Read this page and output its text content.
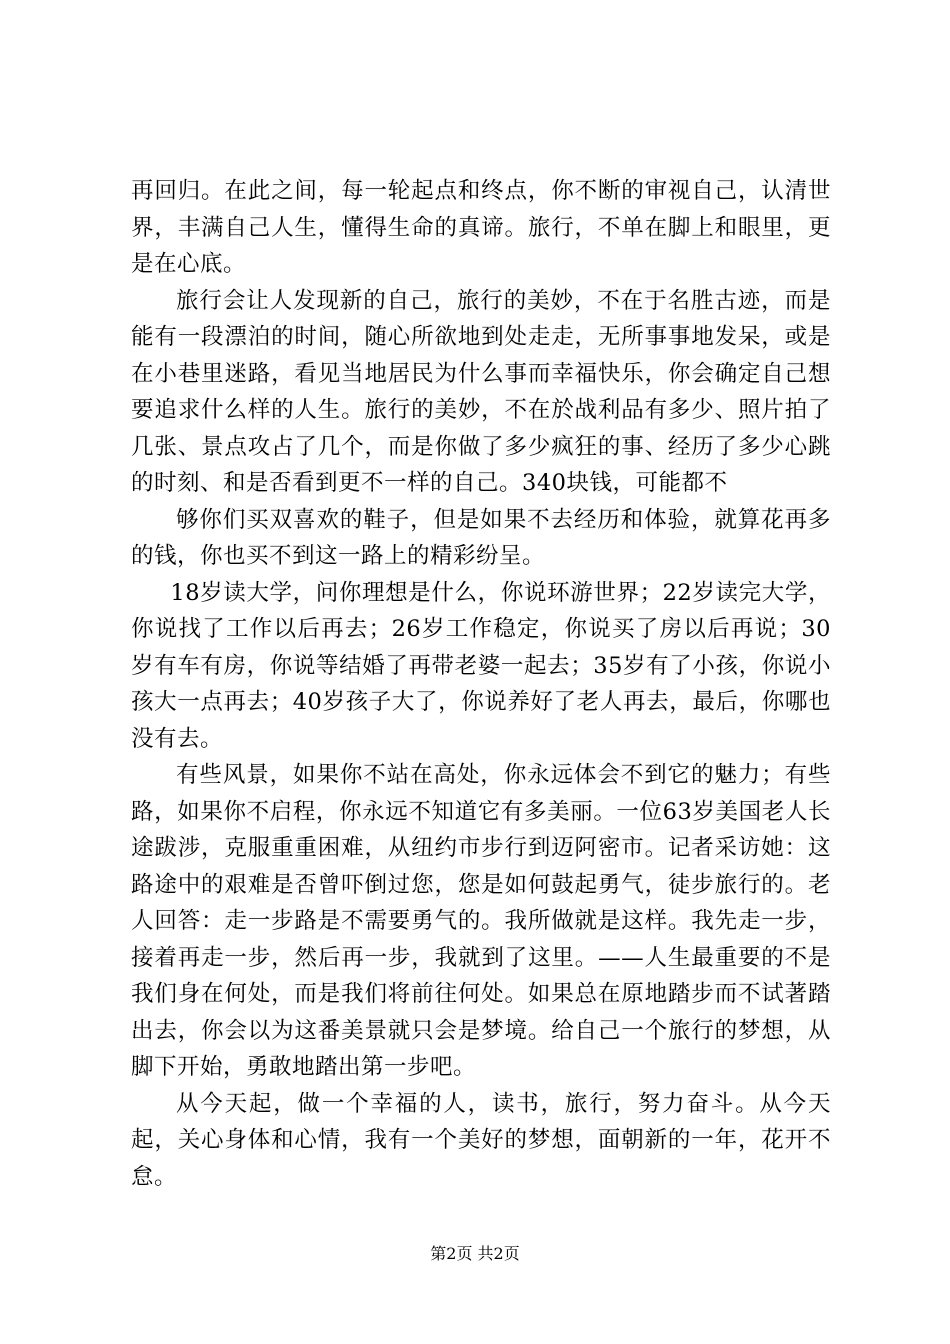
再回归。在此之间，每一轮起点和终点，你不断的审视自己，认清世界，丰满自己人生，懂得生命的真谛。旅行，不单在脚上和眼里，更是在心底。

旅行会让人发现新的自己，旅行的美妙，不在于名胜古迹，而是能有一段漂泊的时间，随心所欲地到处走走，无所事事地发呆，或是在小巷里迷路，看见当地居民为什么事而幸福快乐，你会确定自己想要追求什么样的人生。旅行的美妙，不在於战利品有多少、照片拍了几张、景点攻占了几个，而是你做了多少疯狂的事、经历了多少心跳的时刻、和是否看到更不一样的自己。340块钱，可能都不

够你们买双喜欢的鞋子，但是如果不去经历和体验，就算花再多的钱，你也买不到这一路上的精彩纷呈。

18岁读大学，问你理想是什么，你说环游世界；22岁读完大学，你说找了工作以后再去；26岁工作稳定，你说买了房以后再说；30岁有车有房，你说等结婚了再带老婆一起去；35岁有了小孩，你说小孩大一点再去；40岁孩子大了，你说养好了老人再去，最后，你哪也没有去。

有些风景，如果你不站在高处，你永远体会不到它的魅力；有些路，如果你不启程，你永远不知道它有多美丽。一位63岁美国老人长途跋涉，克服重重困难，从纽约市步行到迈阿密市。记者采访她：这路途中的艰难是否曾吓倒过您，您是如何鼓起勇气，徒步旅行的。老人回答：走一步路是不需要勇气的。我所做就是这样。我先走一步，接着再走一步，然后再一步，我就到了这里。——人生最重要的不是我们身在何处，而是我们将前往何处。如果总在原地踏步而不试著踏出去，你会以为这番美景就只会是梦境。给自己一个旅行的梦想，从脚下开始，勇敢地踏出第一步吧。

从今天起，做一个幸福的人，读书，旅行，努力奋斗。从今天起，关心身体和心情，我有一个美好的梦想，面朝新的一年，花开不怠。

第2页 共2页
